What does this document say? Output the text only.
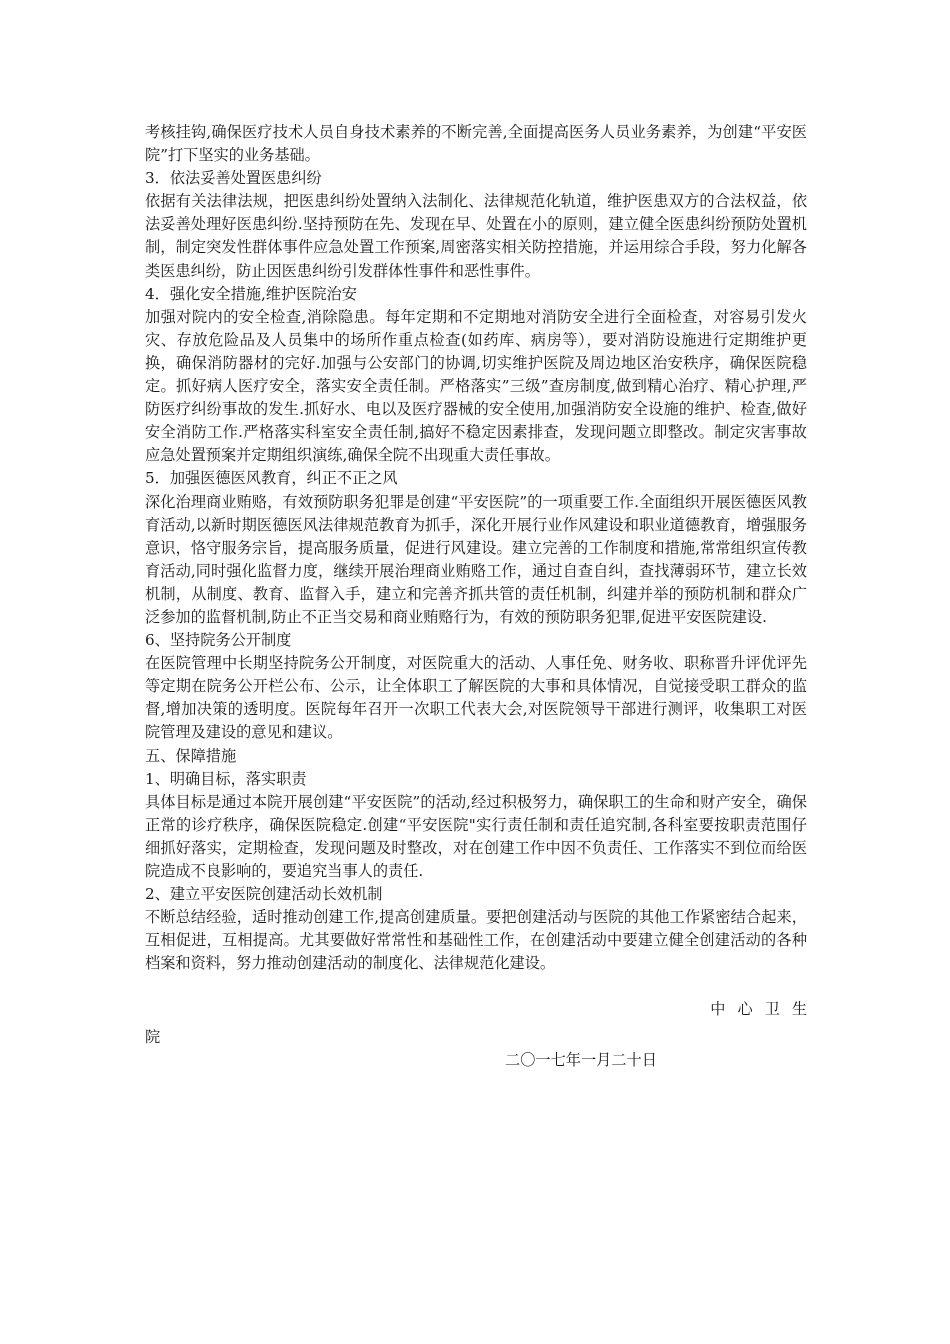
考核挂钩,确保医疗技术人员自身技术素养的不断完善,全面提高医务人员业务素养，为创建“平安医院”打下坚实的业务基础。

3．依法妥善处置医患纠纷

依据有关法律法规，把医患纠纷处置纳入法制化、法律规范化轨道，维护医患双方的合法权益，依法妥善处理好医患纠纷.坚持预防在先、发现在早、处置在小的原则，建立健全医患纠纷预防处置机制，制定突发性群体事件应急处置工作预案,周密落实相关防控措施，并运用综合手段，努力化解各类医患纠纷，防止因医患纠纷引发群体性事件和恶性事件。

4．强化安全措施,维护医院治安

加强对院内的安全检查,消除隐患。每年定期和不定期地对消防安全进行全面检查，对容易引发火灾、存放危险品及人员集中的场所作重点检查(如药库、病房等），要对消防设施进行定期维护更换，确保消防器材的完好.加强与公安部门的协调,切实维护医院及周边地区治安秩序，确保医院稳定。抓好病人医疗安全，落实安全责任制。严格落实”三级”查房制度,做到精心治疗、精心护理,严防医疗纠纷事故的发生.抓好水、电以及医疗器械的安全使用,加强消防安全设施的维护、检查,做好安全消防工作.严格落实科室安全责任制,搞好不稳定因素排查，发现问题立即整改。制定灾害事故应急处置预案并定期组织演练,确保全院不出现重大责任事故。

5．加强医德医风教育，纠正不正之风

深化治理商业贿赂，有效预防职务犯罪是创建“平安医院”的一项重要工作.全面组织开展医德医风教育活动,以新时期医德医风法律规范教育为抓手，深化开展行业作风建设和职业道德教育，增强服务意识，恪守服务宗旨，提高服务质量，促进行风建设。建立完善的工作制度和措施,常常组织宣传教育活动,同时强化监督力度，继续开展治理商业贿赂工作，通过自查自纠，查找薄弱环节，建立长效机制，从制度、教育、监督入手，建立和完善齐抓共管的责任机制，纠建并举的预防机制和群众广泛参加的监督机制,防止不正当交易和商业贿赂行为，有效的预防职务犯罪,促进平安医院建设.

6、坚持院务公开制度

在医院管理中长期坚持院务公开制度，对医院重大的活动、人事任免、财务收、职称晋升评优评先等定期在院务公开栏公布、公示，让全体职工了解医院的大事和具体情况，自觉接受职工群众的监督,增加决策的透明度。医院每年召开一次职工代表大会,对医院领导干部进行测评，收集职工对医院管理及建设的意见和建议。

五、保障措施

1、明确目标，落实职责

具体目标是通过本院开展创建“平安医院”的活动,经过积极努力，确保职工的生命和财产安全，确保正常的诊疗秩序，确保医院稳定.创建“平安医院"实行责任制和责任追究制,各科室要按职责范围仔细抓好落实，定期检查，发现问题及时整改，对在创建工作中因不负责任、工作落实不到位而给医院造成不良影响的，要追究当事人的责任.

2、建立平安医院创建活动长效机制

不断总结经验，适时推动创建工作,提高创建质量。要把创建活动与医院的其他工作紧密结合起来，互相促进，互相提高。尤其要做好常常性和基础性工作，在创建活动中要建立健全创建活动的各种档案和资料，努力推动创建活动的制度化、法律规范化建设。

中心卫生

院

二〇一七年一月二十日
